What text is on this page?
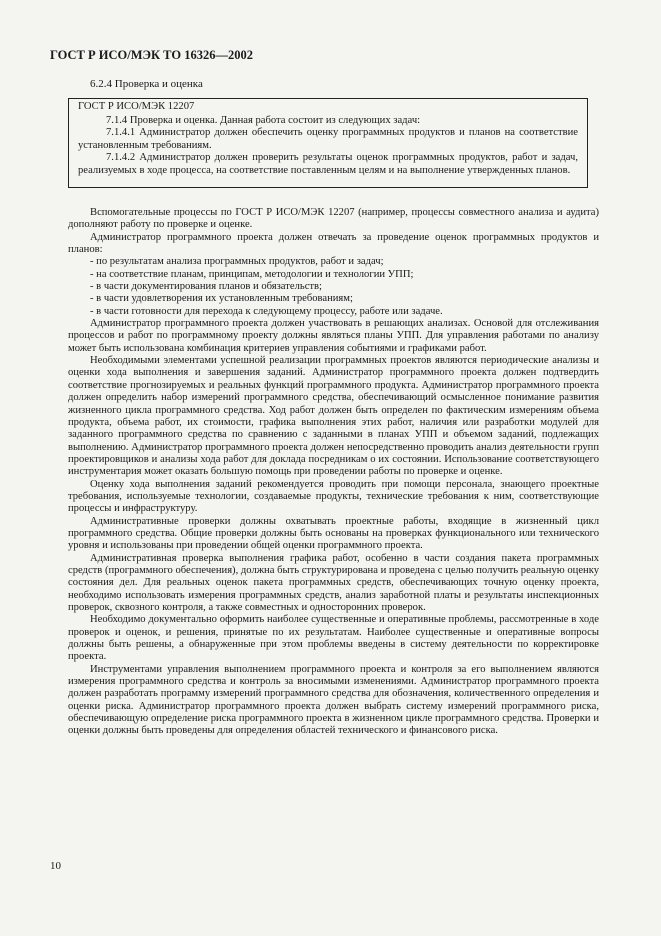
ГОСТ Р ИСО/МЭК ТО 16326—2002
6.2.4 Проверка и оценка
ГОСТ Р ИСО/МЭК 12207

7.1.4 Проверка и оценка. Данная работа состоит из следующих задач:

7.1.4.1 Администратор должен обеспечить оценку программных продуктов и планов на соответствие установленным требованиям.

7.1.4.2 Администратор должен проверить результаты оценок программных продуктов, работ и задач, реализуемых в ходе процесса, на соответствие поставленным целям и на выполнение утвержденных планов.

Вспомогательные процессы по ГОСТ Р ИСО/МЭК 12207 (например, процессы совместного анализа и аудита) дополняют работу по проверке и оценке.

Администратор программного проекта должен отвечать за проведение оценок программных продуктов и планов:

- по результатам анализа программных продуктов, работ и задач;

- на соответствие планам, принципам, методологии и технологии УПП;

- в части документирования планов и обязательств;

- в части удовлетворения их установленным требованиям;

- в части готовности для перехода к следующему процессу, работе или задаче.

Администратор программного проекта должен участвовать в решающих анализах. Основой для отслеживания процессов и работ по программному проекту должны являться планы УПП. Для управления работами по анализу может быть использована комбинация критериев управления событиями и графиками работ.

Необходимыми элементами успешной реализации программных проектов являются периодические анализы и оценки хода выполнения и завершения заданий. Администратор программного проекта должен подтвердить соответствие прогнозируемых и реальных функций программного продукта. Администратор программного проекта должен определить набор измерений программного средства, обеспечивающий осмысленное понимание развития жизненного цикла программного средства. Ход работ должен быть определен по фактическим измерениям объема продукта, объема работ, их стоимости, графика выполнения этих работ, наличия или разработки модулей для заданного программного средства по сравнению с заданными в планах УПП и объемом заданий, подлежащих выполнению. Администратор программного проекта должен непосредственно проводить анализ деятельности групп проектировщиков и анализы хода работ для доклада посредникам о их состоянии. Использование соответствующего инструментария может оказать большую помощь при проведении работы по проверке и оценке.

Оценку хода выполнения заданий рекомендуется проводить при помощи персонала, знающего проектные требования, используемые технологии, создаваемые продукты, технические требования к ним, соответствующие процессы и инфраструктуру.

Административные проверки должны охватывать проектные работы, входящие в жизненный цикл программного средства. Общие проверки должны быть основаны на проверках функционального или технического уровня и использованы при проведении общей оценки программного проекта.

Административная проверка выполнения графика работ, особенно в части создания пакета программных средств (программного обеспечения), должна быть структурирована и проведена с целью получить реальную оценку состояния дел. Для реальных оценок пакета программных средств, обеспечивающих точную оценку проекта, необходимо использовать измерения программных средств, анализ заработной платы и результаты инспекционных проверок, сквозного контроля, а также совместных и односторонних проверок.

Необходимо документально оформить наиболее существенные и оперативные проблемы, рассмотренные в ходе проверок и оценок, и решения, принятые по их результатам. Наиболее существенные и оперативные вопросы должны быть решены, а обнаруженные при этом проблемы введены в систему деятельности по корректировке проекта.

Инструментами управления выполнением программного проекта и контроля за его выполнением являются измерения программного средства и контроль за вносимыми изменениями. Администратор программного проекта должен разработать программу измерений программного средства для обозначения, количественного определения и оценки риска. Администратор программного проекта должен выбрать систему измерений программного риска, обеспечивающую определение риска программного проекта в жизненном цикле программного средства. Проверки и оценки должны быть проведены для определения областей технического и финансового риска.

10
